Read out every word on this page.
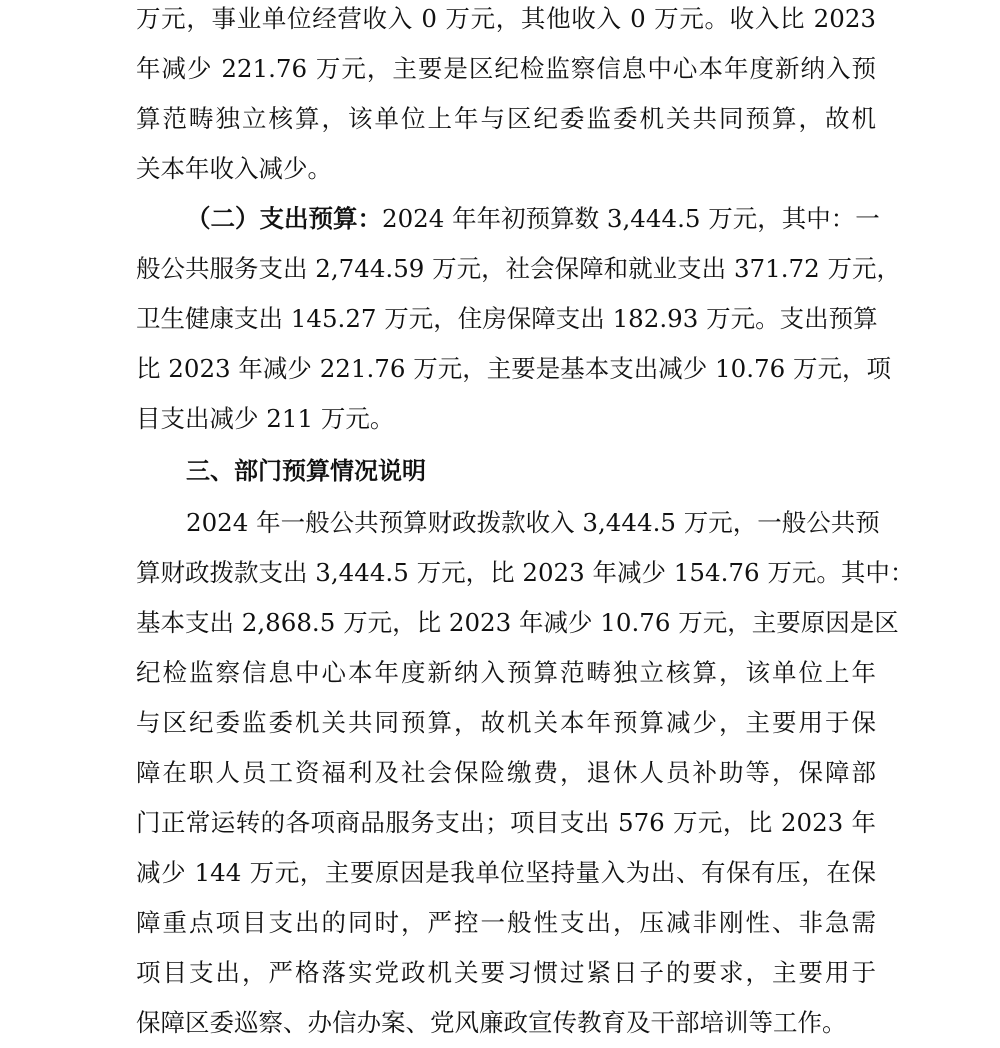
万元，事业单位经营收入 0 万元，其他收入 0 万元。收入比 2023
年减少 221.76 万元，主要是区纪检监察信息中心本年度新纳入预
算范畴独立核算，该单位上年与区纪委监委机关共同预算，故机
关本年收入减少。
（二）支出预算：2024 年年初预算数 3,444.5 万元，其中：一
般公共服务支出 2,744.59 万元，社会保障和就业支出 371.72 万元，
卫生健康支出 145.27 万元，住房保障支出 182.93 万元。支出预算
比 2023 年减少 221.76 万元，主要是基本支出减少 10.76 万元，项
目支出减少 211 万元。
三、部门预算情况说明
2024 年一般公共预算财政拨款收入 3,444.5 万元，一般公共预
算财政拨款支出 3,444.5 万元，比 2023 年减少 154.76 万元。其中：
基本支出 2,868.5 万元，比 2023 年减少 10.76 万元，主要原因是区
纪检监察信息中心本年度新纳入预算范畴独立核算，该单位上年
与区纪委监委机关共同预算，故机关本年预算减少，主要用于保
障在职人员工资福利及社会保险缴费，退休人员补助等，保障部
门正常运转的各项商品服务支出；项目支出 576 万元，比 2023 年
减少 144 万元，主要原因是我单位坚持量入为出、有保有压，在保
障重点项目支出的同时，严控一般性支出，压减非刚性、非急需
项目支出，严格落实党政机关要习惯过紧日子的要求，主要用于
保障区委巡察、办信办案、党风廉政宣传教育及干部培训等工作。
